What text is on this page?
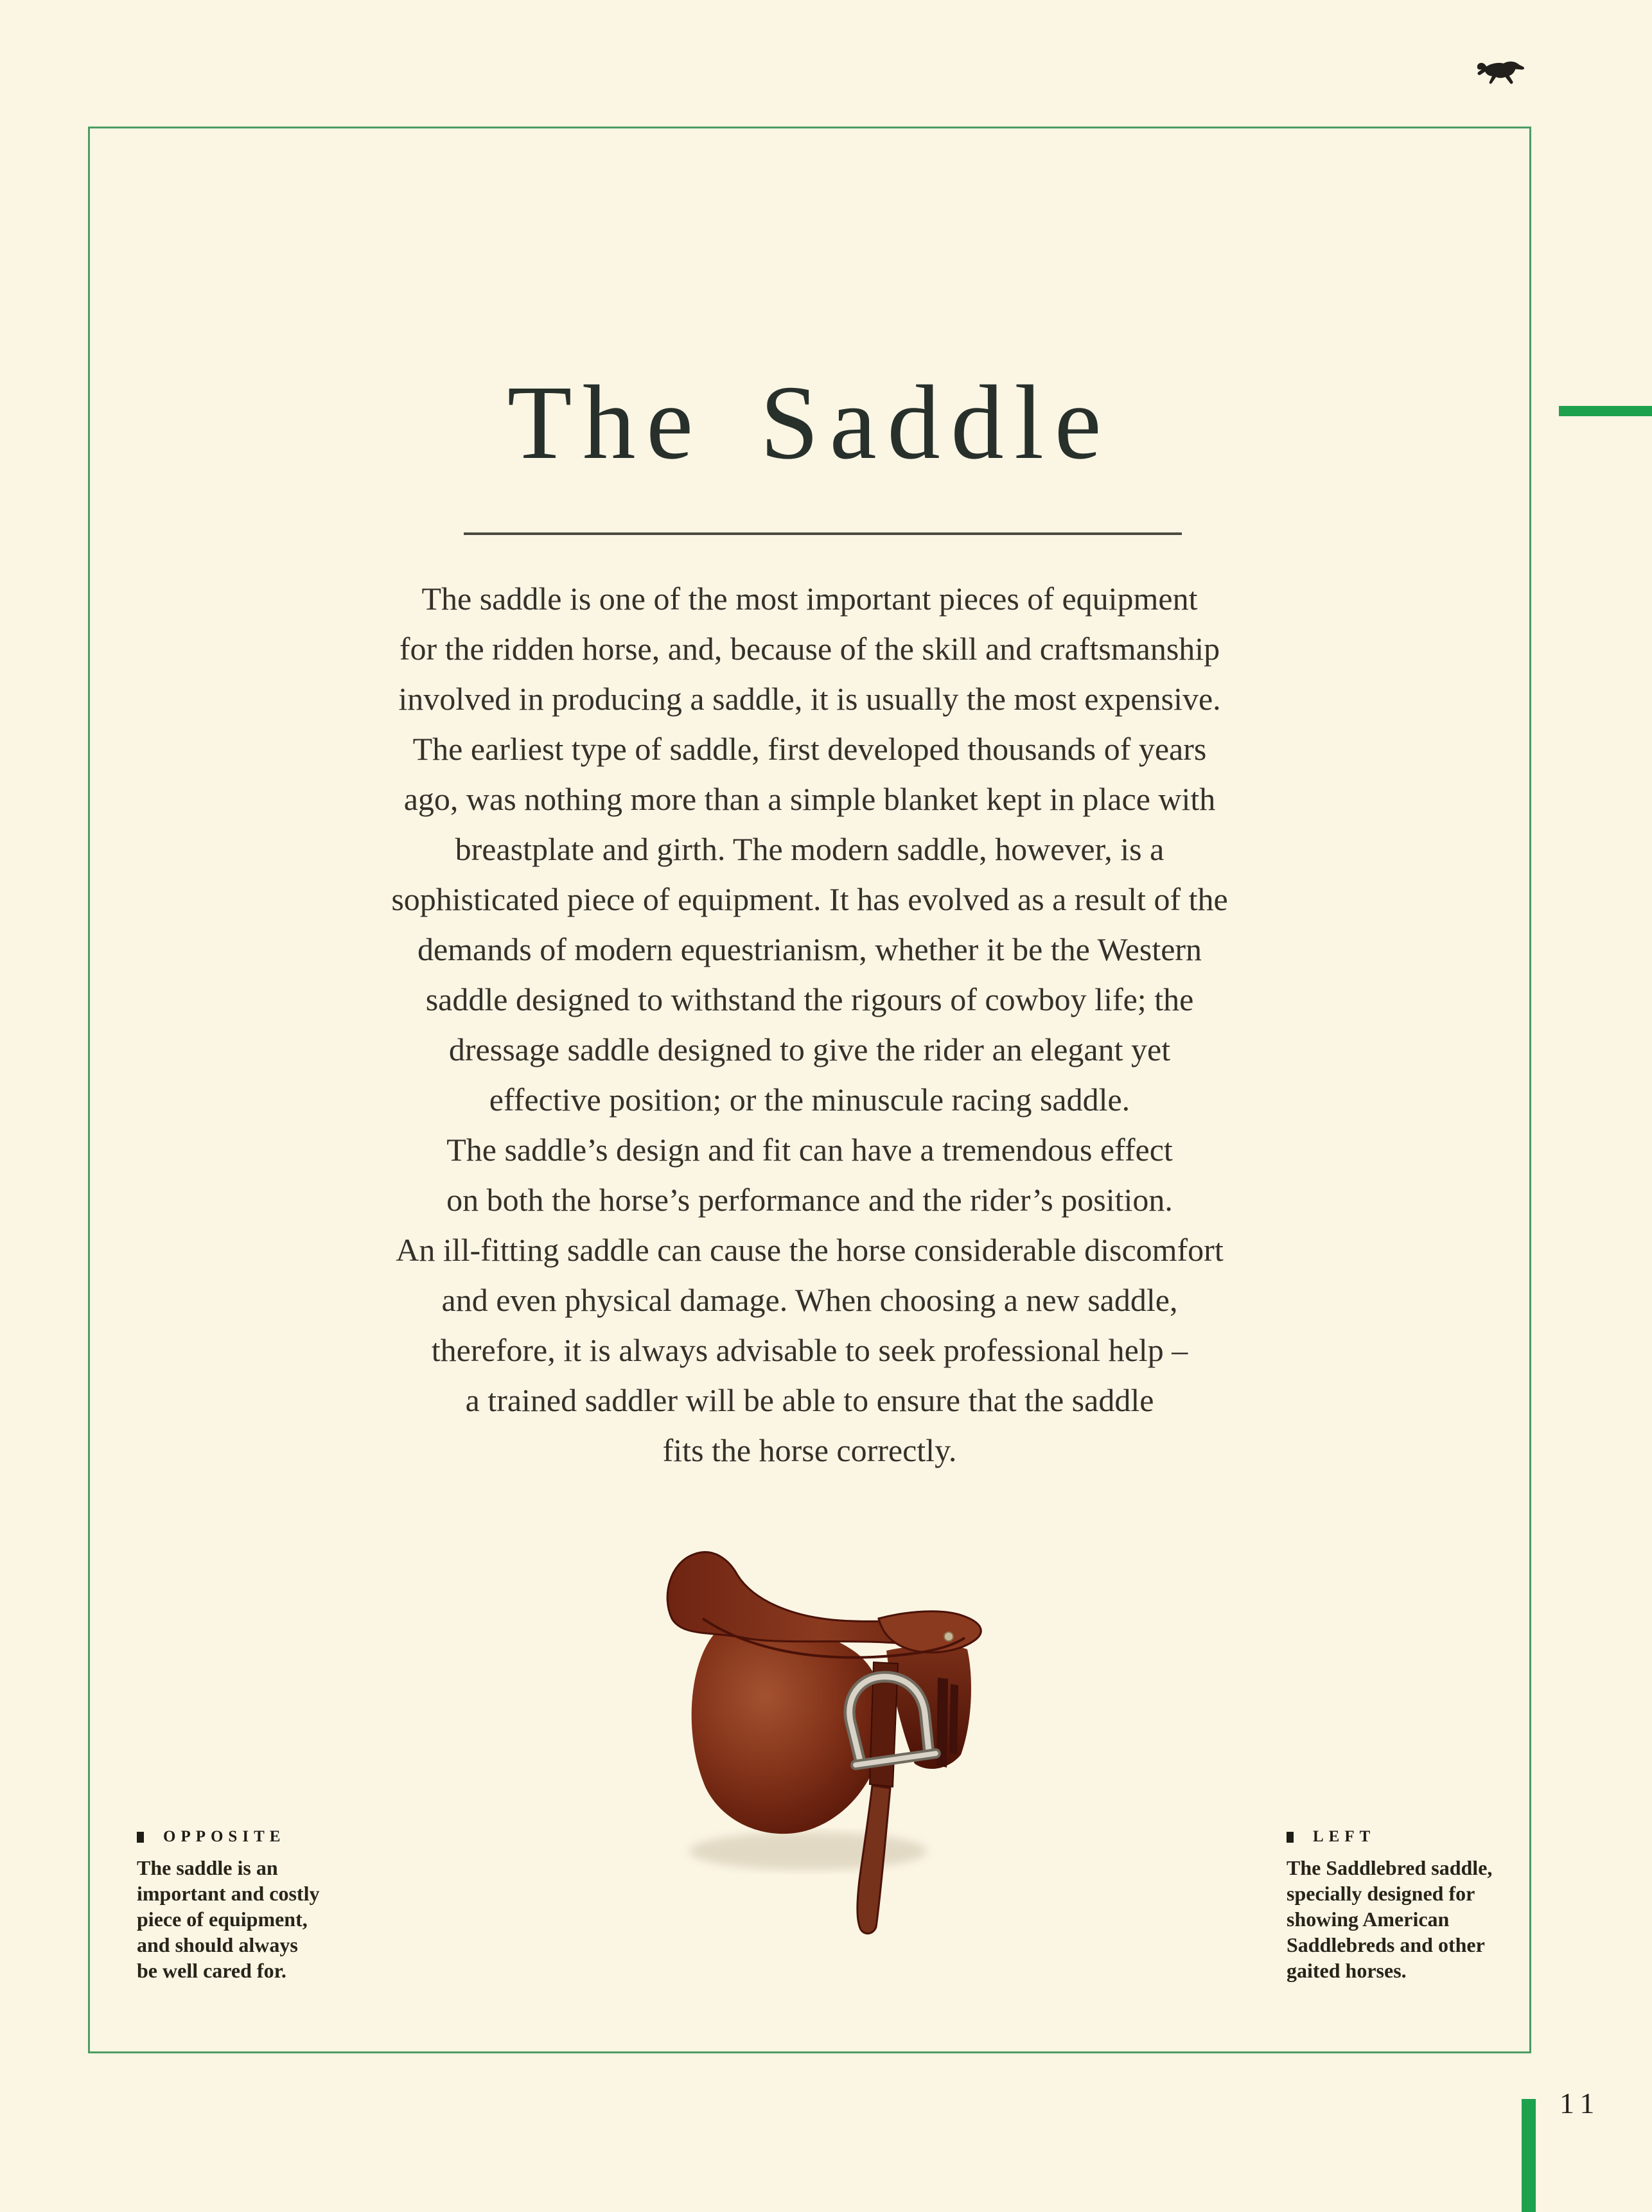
The Saddle
The saddle is one of the most important pieces of equipment
for the ridden horse, and, because of the skill and craftsmanship
involved in producing a saddle, it is usually the most expensive.
The earliest type of saddle, first developed thousands of years
ago, was nothing more than a simple blanket kept in place with
breastplate and girth. The modern saddle, however, is a
sophisticated piece of equipment. It has evolved as a result of the
demands of modern equestrianism, whether it be the Western
saddle designed to withstand the rigours of cowboy life; the
dressage saddle designed to give the rider an elegant yet
effective position; or the minuscule racing saddle.
The saddle’s design and fit can have a tremendous effect
on both the horse’s performance and the rider’s position.
An ill-fitting saddle can cause the horse considerable discomfort
and even physical damage. When choosing a new saddle,
therefore, it is always advisable to seek professional help –
a trained saddler will be able to ensure that the saddle
fits the horse correctly.
OPPOSITE
The saddle is an
important and costly
piece of equipment,
and should always
be well cared for.
LEFT
The Saddlebred saddle,
specially designed for
showing American
Saddlebreds and other
gaited horses.
11
